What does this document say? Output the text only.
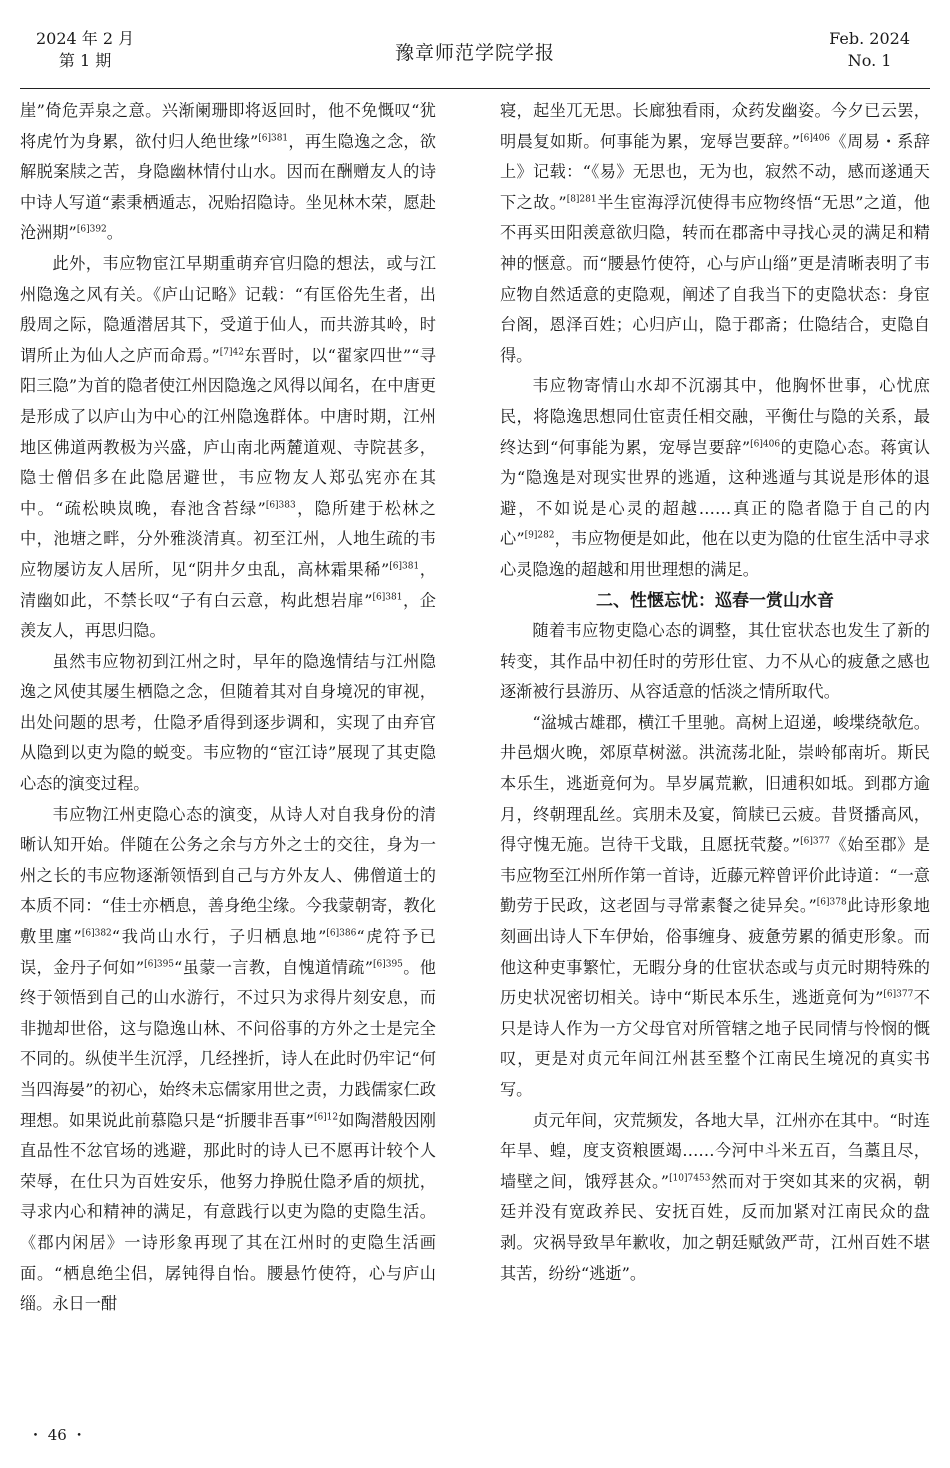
2024 年 2 月
第 1 期	豫章师范学院学报
Feb. 2024
No. 1

崖”倚危弄泉之意。兴渐阑珊即将返回时，他不免慨叹“犹将虎竹为身累，欲付归人绝世缘”$^{[6]381}$，再生隐逸之念，欲解脱案牍之苦，身隐幽林情付山水。因而在酬赠友人的诗中诗人写道“素秉栖遁志，况贻招隐诗。坐见林木荣，愿赴沧洲期”$^{[6]392}$。

此外，韦应物宦江早期重萌弃官归隐的想法，或与江州隐逸之风有关。《庐山记略》记载：“有匡俗先生者，出殷周之际，隐遁潜居其下，受道于仙人，而共游其岭，时谓所止为仙人之庐而命焉。”$^{[7]42}$东晋时，以“翟家四世”“寻阳三隐”为首的隐者使江州因隐逸之风得以闻名，在中唐更是形成了以庐山为中心的江州隐逸群体。中唐时期，江州地区佛道两教极为兴盛，庐山南北两麓道观、寺院甚多，隐士僧侣多在此隐居避世，韦应物友人郑弘宪亦在其中。“疏松映岚晚，春池含苔绿”$^{[6]383}$，隐所建于松林之中，池塘之畔，分外雅淡清真。初至江州，人地生疏的韦应物屡访友人居所，见“阴井夕虫乱，高林霜果稀”$^{[6]381}$，清幽如此，不禁长叹“子有白云意，构此想岩扉”$^{[6]381}$，企羡友人，再思归隐。

虽然韦应物初到江州之时，早年的隐逸情结与江州隐逸之风使其屡生栖隐之念，但随着其对自身境况的审视，出处问题的思考，仕隐矛盾得到逐步调和，实现了由弃官从隐到以吏为隐的蜕变。韦应物的“宦江诗”展现了其吏隐心态的演变过程。

韦应物江州吏隐心态的演变，从诗人对自我身份的清晰认知开始。伴随在公务之余与方外之士的交往，身为一州之长的韦应物逐渐领悟到自己与方外友人、佛僧道士的本质不同：“佳士亦栖息，善身绝尘缘。今我蒙朝寄，教化敷里廛”$^{[6]382}$“我尚山水行，子归栖息地”$^{[6]386}$“虎符予已误，金丹子何如”$^{[6]395}$“虽蒙一言教，自愧道情疏”$^{[6]395}$。他终于领悟到自己的山水游行，不过只为求得片刻安息，而非抛却世俗，这与隐逸山林、不问俗事的方外之士是完全不同的。纵使半生沉浮，几经挫折，诗人在此时仍牢记“何当四海晏”的初心，始终未忘儒家用世之责，力践儒家仁政理想。如果说此前慕隐只是“折腰非吾事”$^{[6]12}$如陶潜般因刚直品性不忿官场的逃避，那此时的诗人已不愿再计较个人荣辱，在仕只为百姓安乐，他努力挣脱仕隐矛盾的烦扰，寻求内心和精神的满足，有意践行以吏为隐的吏隐生活。《郡内闲居》一诗形象再现了其在江州时的吏隐生活画面。“栖息绝尘侣，孱钝得自怡。腰悬竹使符，心与庐山缁。永日一酣

寝，起坐兀无思。长廊独看雨，众药发幽姿。今夕已云罢，明晨复如斯。何事能为累，宠辱岂要辞。”$^{[6]406}$《周易・系辞上》记载：“《易》无思也，无为也，寂然不动，感而遂通天下之故。”$^{[8]281}$半生宦海浮沉使得韦应物终悟“无思”之道，他不再买田阳羡意欲归隐，转而在郡斋中寻找心灵的满足和精神的惬意。而“腰悬竹使符，心与庐山缁”更是清晰表明了韦应物自然适意的吏隐观，阐述了自我当下的吏隐状态：身宦台阁，恩泽百姓；心归庐山，隐于郡斋；仕隐结合，吏隐自得。

韦应物寄情山水却不沉溺其中，他胸怀世事，心忧庶民，将隐逸思想同仕宦责任相交融，平衡仕与隐的关系，最终达到“何事能为累，宠辱岂要辞”$^{[6]406}$的吏隐心态。蒋寅认为“隐逸是对现实世界的逃遁，这种逃遁与其说是形体的退避，不如说是心灵的超越……真正的隐者隐于自己的内心”$^{[9]282}$，韦应物便是如此，他在以吏为隐的仕宦生活中寻求心灵隐逸的超越和用世理想的满足。

二、性惬忘忧：巡春一赏山水音

随着韦应物吏隐心态的调整，其仕宦状态也发生了新的转变，其作品中初任时的劳形仕宦、力不从心的疲惫之感也逐渐被行县游历、从容适意的恬淡之情所取代。

“湓城古雄郡，横江千里驰。高树上迢递，峻堞绕欹危。井邑烟火晚，郊原草树滋。洪流荡北阯，崇岭郁南圻。斯民本乐生，逃逝竟何为。旱岁属荒歉，旧逋积如坻。到郡方逾月，终朝理乱丝。宾朋未及宴，简牍已云疲。昔贤播高风，得守愧无施。岂待干戈戢，且愿抚茕嫠。”$^{[6]377}$《始至郡》是韦应物至江州所作第一首诗，近藤元粹曾评价此诗道：“一意勤劳于民政，这老固与寻常素餐之徒异矣。”$^{[6]378}$此诗形象地刻画出诗人下车伊始，俗事缠身、疲惫劳累的循吏形象。而他这种吏事繁忙，无暇分身的仕宦状态或与贞元时期特殊的历史状况密切相关。诗中“斯民本乐生，逃逝竟何为”$^{[6]377}$不只是诗人作为一方父母官对所管辖之地子民同情与怜悯的慨叹，更是对贞元年间江州甚至整个江南民生境况的真实书写。

贞元年间，灾荒频发，各地大旱，江州亦在其中。“时连年旱、蝗，度支资粮匮竭……今河中斗米五百，刍藁且尽，墙壁之间，饿殍甚众。”$^{[10]7453}$然而对于突如其来的灾祸，朝廷并没有宽政养民、安抚百姓，反而加紧对江南民众的盘剥。灾祸导致旱年歉收，加之朝廷赋敛严苛，江州百姓不堪其苦，纷纷“逃逝”。

・ 46 ・
